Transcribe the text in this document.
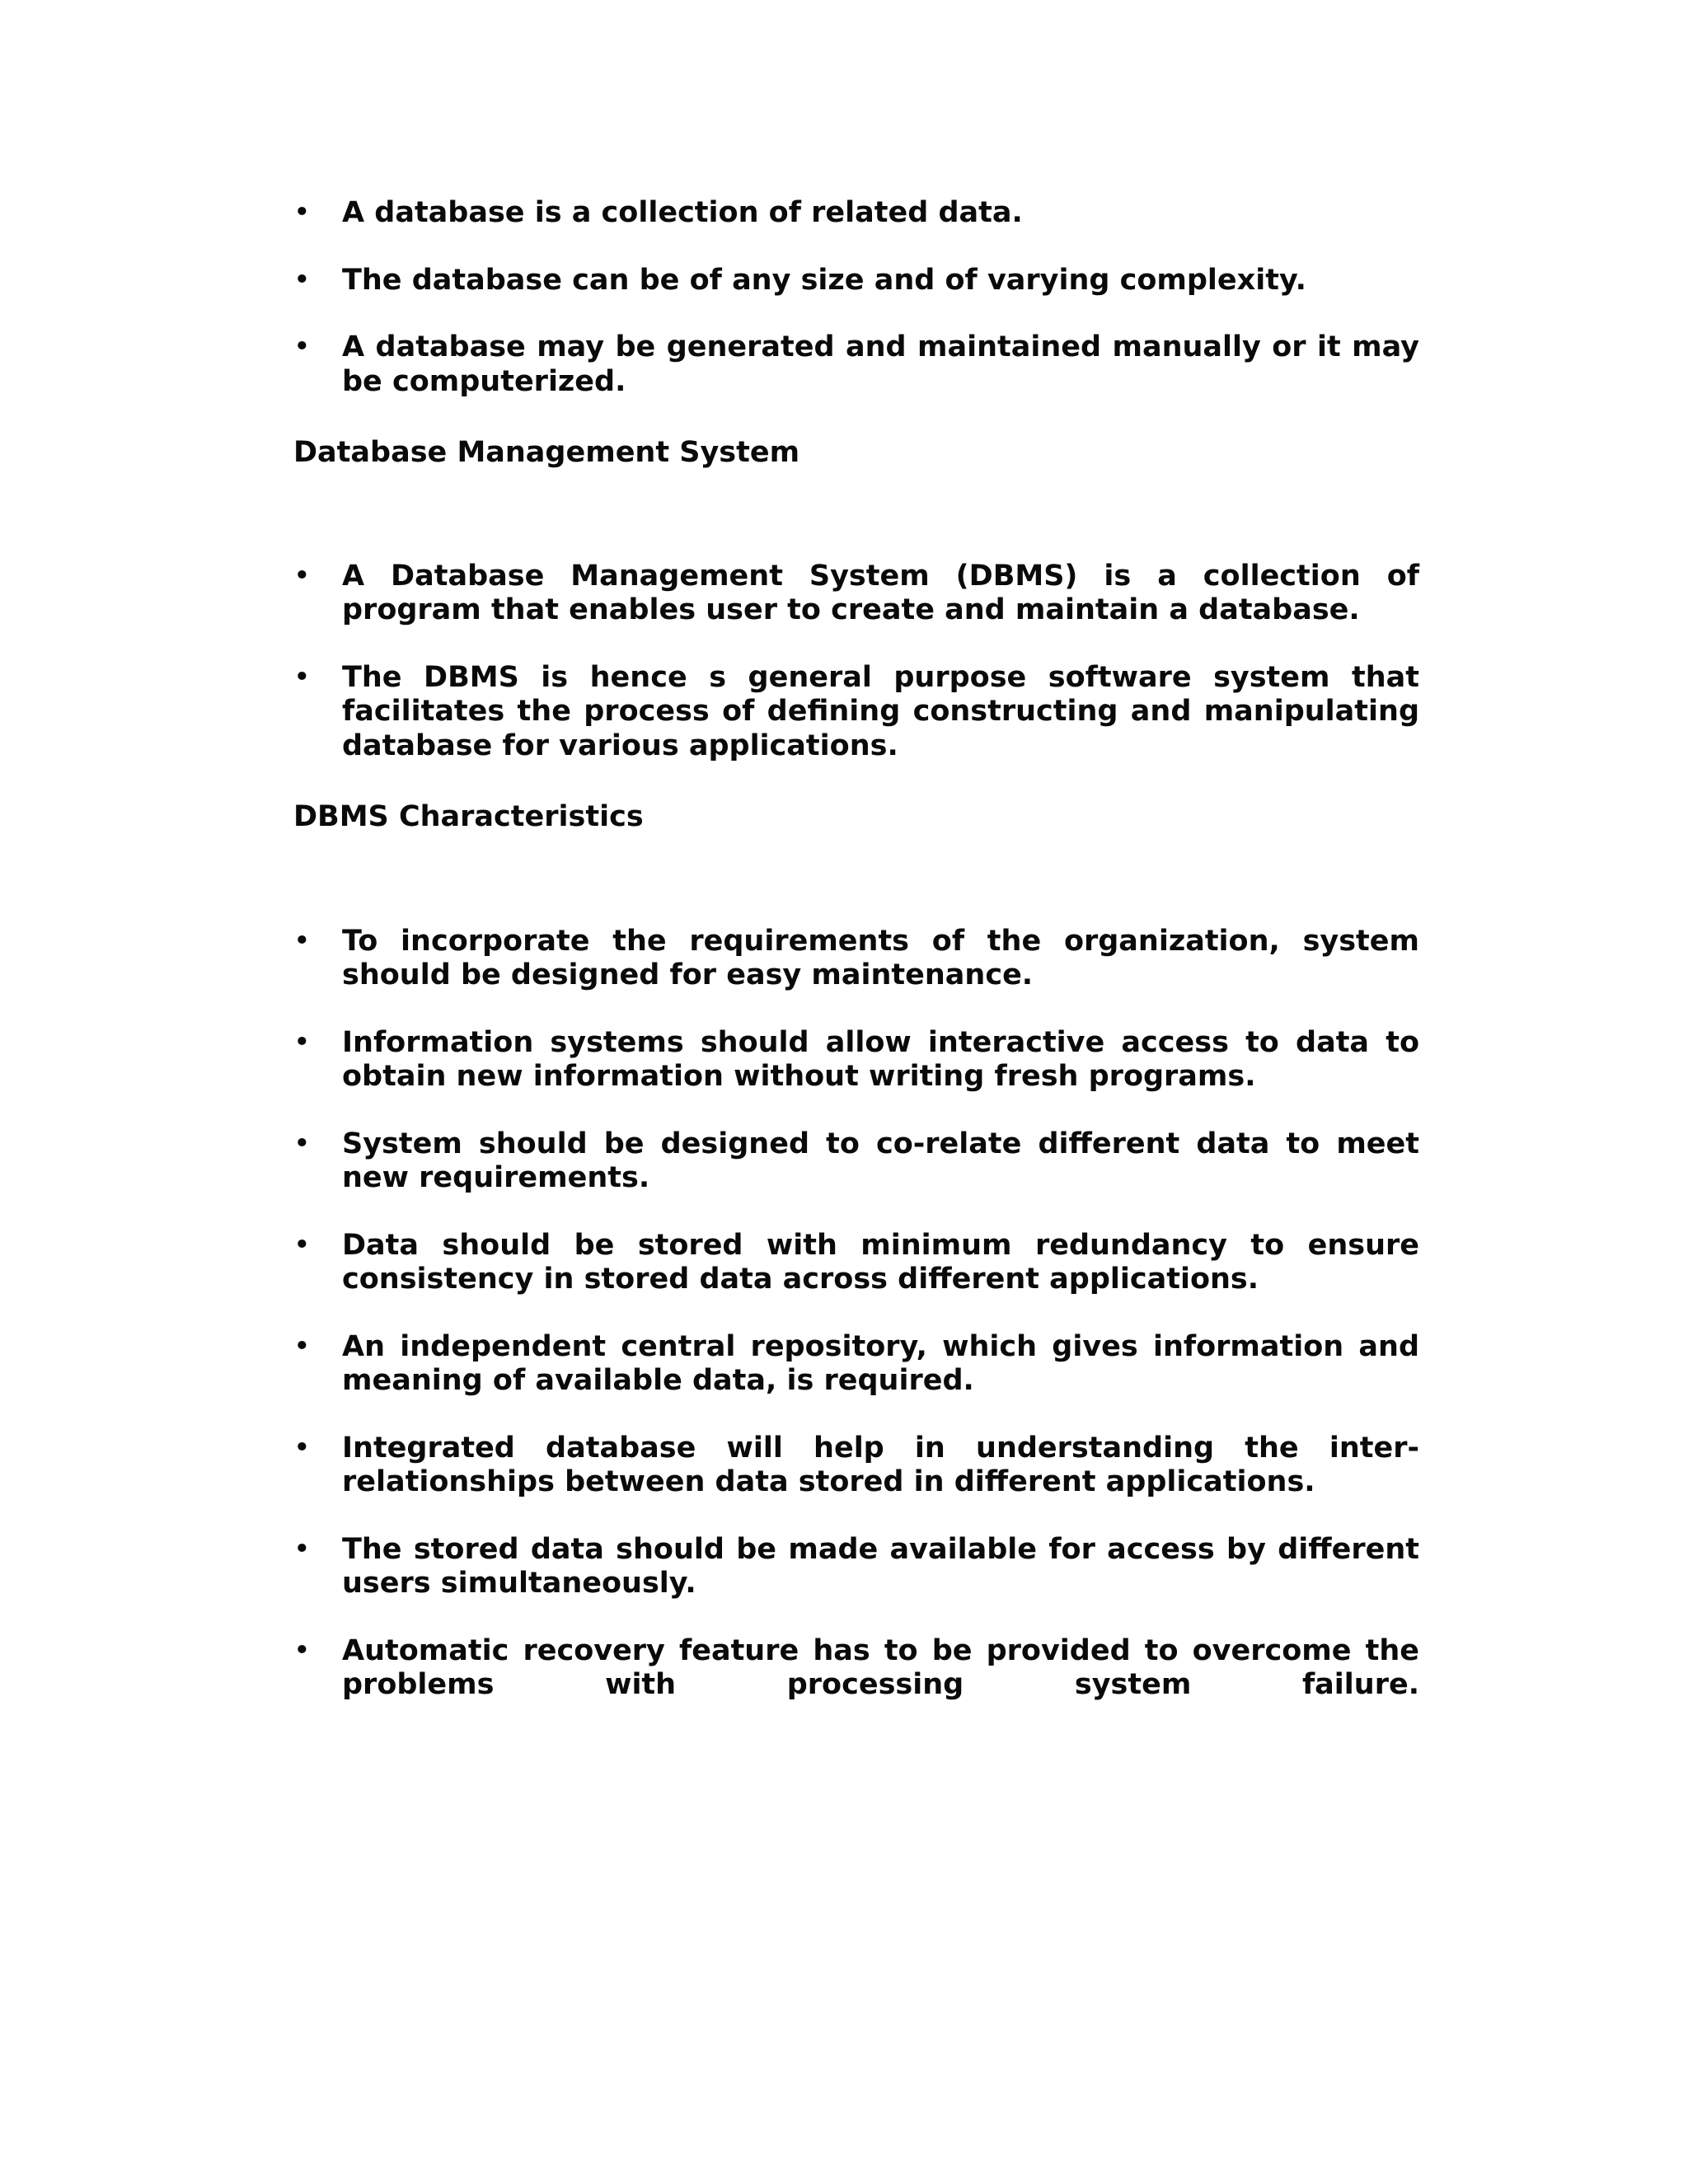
• A database is a collection of related data.
• The database can be of any size and of varying complexity.
• A database may be generated and maintained manually or it may be computerized.

Database Management System

• A Database Management System (DBMS) is a collection of program that enables user to create and maintain a database.
• The DBMS is hence s general purpose software system that facilitates the process of defining constructing and manipulating database for various applications.

DBMS Characteristics

• To incorporate the requirements of the organization, system should be designed for easy maintenance.
• Information systems should allow interactive access to data to obtain new information without writing fresh programs.
• System should be designed to co-relate different data to meet new requirements.
• Data should be stored with minimum redundancy to ensure consistency in stored data across different applications.
• An independent central repository, which gives information and meaning of available data, is required.
• Integrated database will help in understanding the inter-relationships between data stored in different applications.
• The stored data should be made available for access by different users simultaneously.
• Automatic recovery feature has to be provided to overcome the problems with processing system failure.
